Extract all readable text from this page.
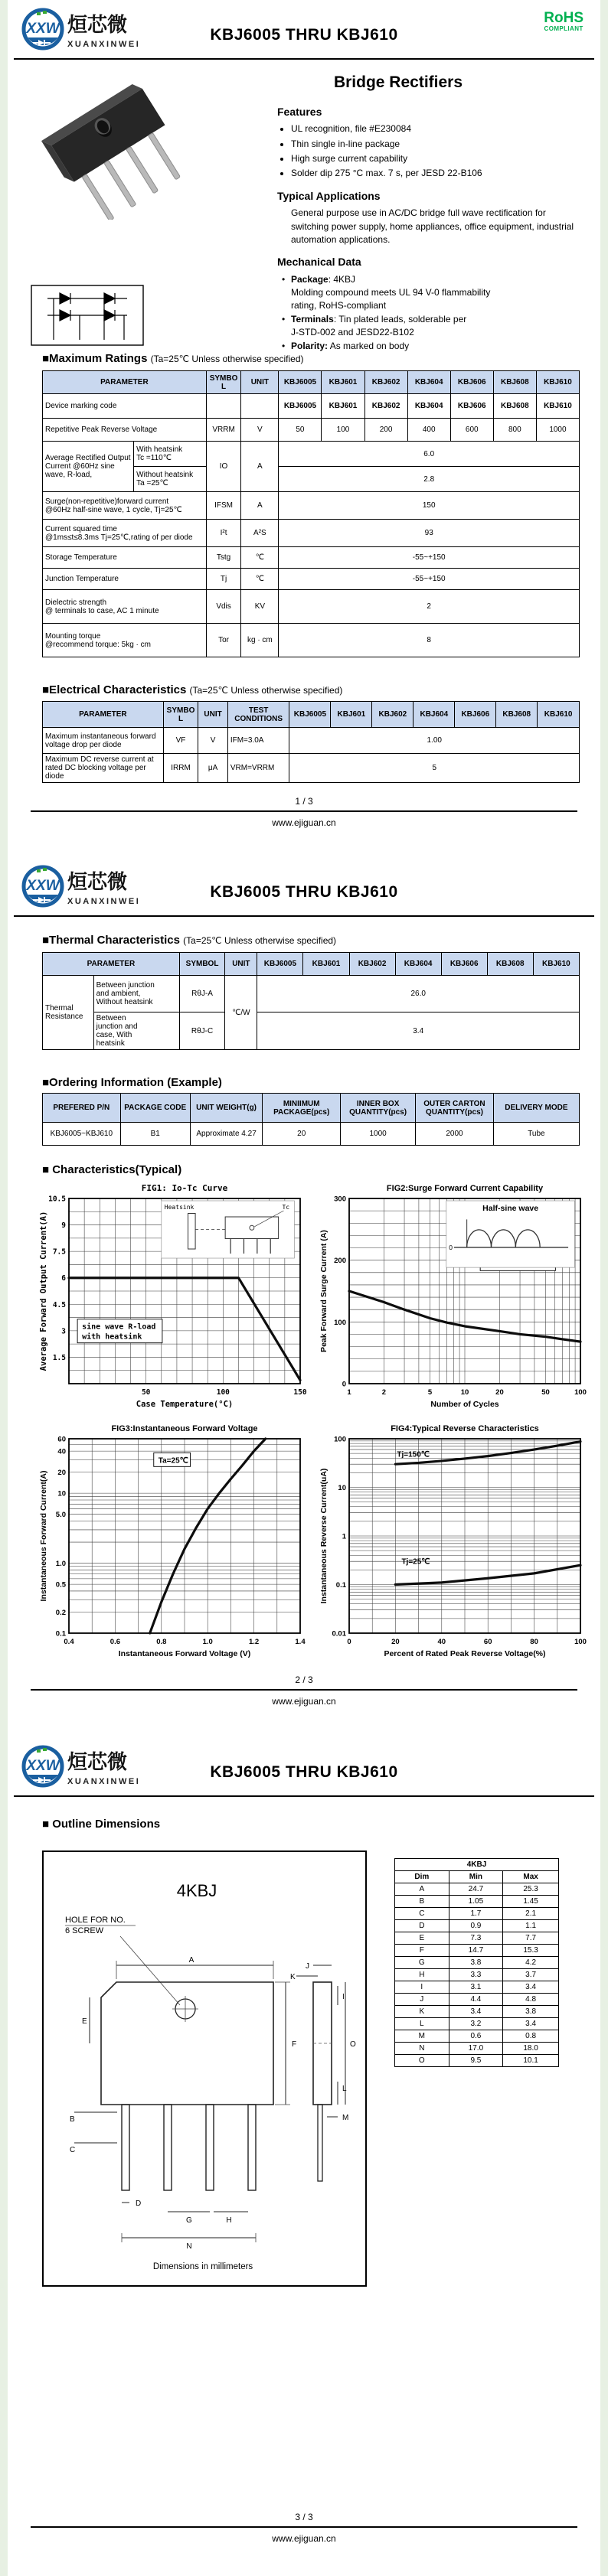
XXW 烜芯微
XUANXINWEI
KBJ6005 THRU KBJ610
RoHS
COMPLIANT
Bridge Rectifiers
Features
• UL recognition, file #E230084
• Thin single in-line package
• High surge current capability
• Solder dip 275 °C max. 7 s, per JESD 22-B106
Typical Applications
General purpose use in AC/DC bridge full wave rectification for switching power supply, home appliances, office equipment, industrial automation applications.
Mechanical Data
• Package: 4KBJ
Molding compound meets UL 94 V-0 flammability
rating, RoHS-compliant
• Terminals: Tin plated leads, solderable per
J-STD-002 and JESD22-B102
• Polarity: As marked on body
■Maximum Ratings (Ta=25℃ Unless otherwise specified)
PARAMETER		SYMBOL	UNIT	KBJ6005	KBJ601	KBJ602	KBJ604	KBJ606	KBJ608	KBJ610
Device marking code				KBJ6005	KBJ601	KBJ602	KBJ604	KBJ606	KBJ608	KBJ610
Repetitive Peak Reverse Voltage		VRRM	V	50	100	200	400	600	800	1000
Average Rectified Output
Current @60Hz sine
wave, R-load,	With heatsink
Tc =110℃	IO	A	6.0						
	Without heatsink
Ta =25℃			2.8						
Surge(non-repetitive)forward current
@60Hz half-sine wave, 1 cycle, Tj=25℃		IFSM	A	150						
Current squared time
@1ms≤t≤8.3ms Tj=25℃,rating of per diode		I²t	A²S	93						
Storage Temperature		Tstg	℃	-55~+150						
Junction Temperature		Tj	℃	-55~+150						
Dielectric strength
@ terminals to case, AC 1 minute		Vdis	KV	2						
Mounting torque
@recommend torque: 5kg · cm		Tor	kg · cm	8						
■Electrical Characteristics (Ta=25℃ Unless otherwise specified)
PARAMETER	SYMBOL	UNIT	TEST
CONDITIONS	KBJ6005	KBJ601	KBJ602	KBJ604	KBJ606	KBJ608	KBJ610
Maximum instantaneous forward
voltage drop per diode	VF	V	IFM=3.0A	1.00						
Maximum DC reverse current at
rated DC blocking voltage per diode	IRRM	μA	VRM=VRRM	5						
1 / 3
www.ejiguan.cn
XXW 烜芯微
XUANXINWEI
KBJ6005 THRU KBJ610
■Thermal Characteristics (Ta=25℃ Unless otherwise specified)
PARAMETER		SYMBOL	UNIT	KBJ6005	KBJ601	KBJ602	KBJ604	KBJ606	KBJ608	KBJ610
Thermal
Resistance	Between junction
and ambient,
Without heatsink	RθJ-A	℃/W	26.0						
	Between
junction and
case, With
heatsink	RθJ-C		3.4						
■Ordering Information (Example)
PREFERED P/N	PACKAGE CODE	UNIT WEIGHT(g)	MINIIMUM
PACKAGE(pcs)	INNER BOX
QUANTITY(pcs)	OUTER CARTON
QUANTITY(pcs)	DELIVERY MODE
KBJ6005~KBJ610	B1	Approximate 4.27	20	1000	2000	Tube
■ Characteristics(Typical)
FIG1: Io-Tc Curve
50	100	150
1.5
3
4.5
6
7.5
9
10.5
Case Temperature(°C)
Average Forward Output Current(A)	sine wave R-load
with heatsink
Heatsink	Tc
FIG2:Surge Forward Current Capability
1	2	5	10	20	50	100
0
100
200
300
Number of Cycles
Peak Forward Surge Current (A)
Half-sine wave
0
FIG3:Instantaneous Forward Voltage
0.4	0.6	0.8	1.0	1.2	1.4
0.1
0.2
0.5
1.0
5.0
10
20
40
60
Instantaneous Forward Voltage (V)
Instantaneous Forward Current(A)
Ta=25℃
FIG4:Typical Reverse Characteristics
0	20	40	60	80	100
0.01
0.1
1
10
100
Percent of Rated Peak Reverse Voltage(%)
Instantaneous Reverse Current(uA)
Tj=150℃
Tj=25℃
2 / 3
www.ejiguan.cn
XXW 烜芯微
XUANXINWEI
KBJ6005 THRU KBJ610
■ Outline Dimensions
4KBJ
HOLE FOR NO.
6 SCREW
A
F
E
B
C
D
G	H
N
J
K
I
O
L
M
Dimensions in millimeters
4KBJ		
Dim	Min	Max
A	24.7	25.3
B	1.05	1.45
C	1.7	2.1
D	0.9	1.1
E	7.3	7.7
F	14.7	15.3
G	3.8	4.2
H	3.3	3.7
I	3.1	3.4
J	4.4	4.8
K	3.4	3.8
L	3.2	3.4
M	0.6	0.8
N	17.0	18.0
O	9.5	10.1
3 / 3
www.ejiguan.cn
